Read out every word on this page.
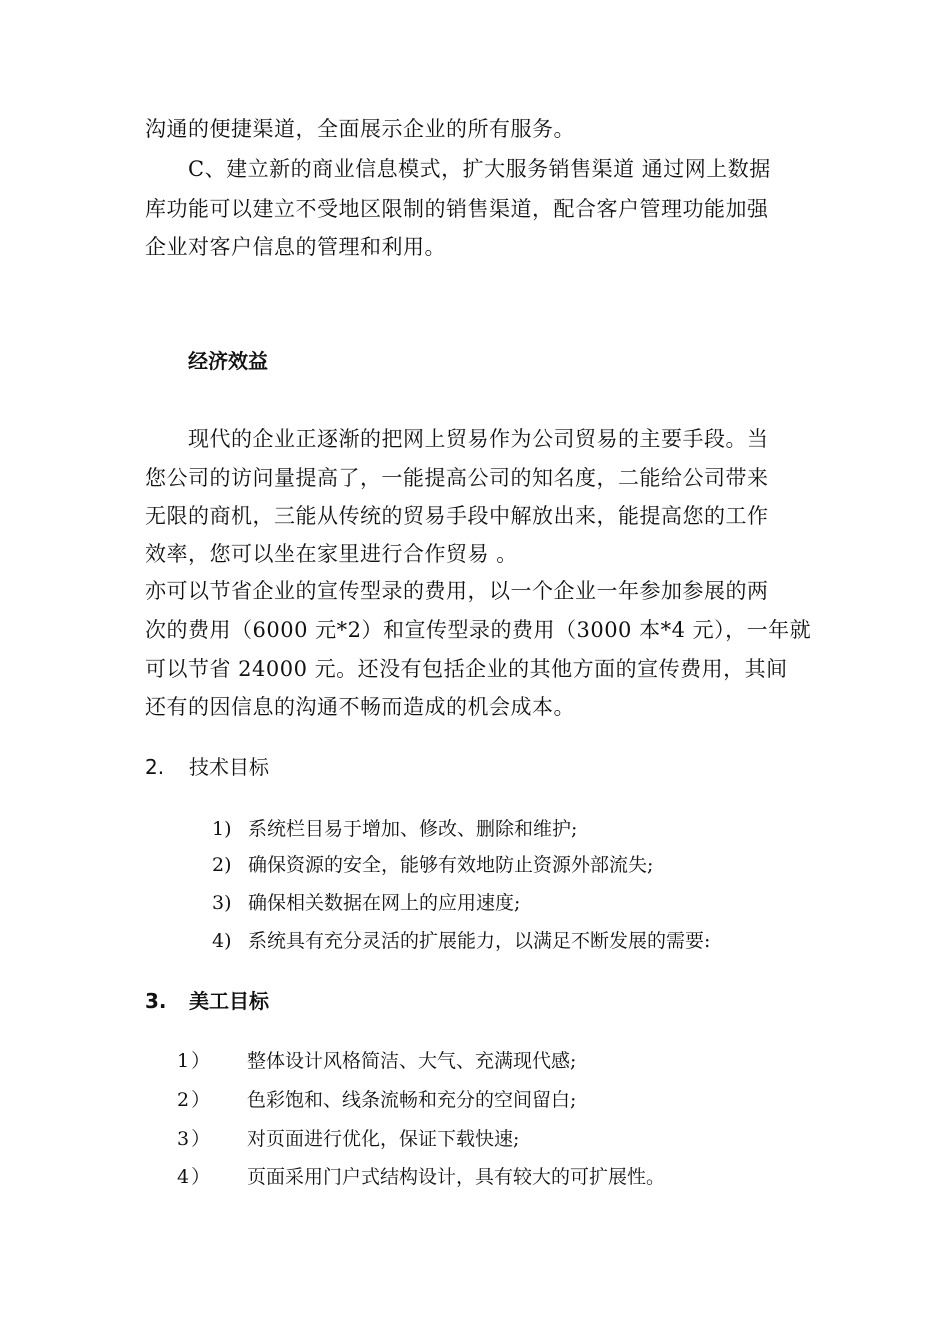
沟通的便捷渠道，全面展示企业的所有服务。
C、建立新的商业信息模式，扩大服务销售渠道 通过网上数据
库功能可以建立不受地区限制的销售渠道，配合客户管理功能加强
企业对客户信息的管理和利用。
经济效益
现代的企业正逐渐的把网上贸易作为公司贸易的主要手段。当
您公司的访问量提高了，一能提高公司的知名度，二能给公司带来
无限的商机，三能从传统的贸易手段中解放出来，能提高您的工作
效率，您可以坐在家里进行合作贸易 。
亦可以节省企业的宣传型录的费用，以一个企业一年参加参展的两
次的费用（6000 元*2）和宣传型录的费用（3000 本*4 元），一年就
可以节省 24000 元。还没有包括企业的其他方面的宣传费用，其间
还有的因信息的沟通不畅而造成的机会成本。
2. 技术目标
1) 系统栏目易于增加、修改、删除和维护;
2) 确保资源的安全，能够有效地防止资源外部流失;
3) 确保相关数据在网上的应用速度;
4) 系统具有充分灵活的扩展能力，以满足不断发展的需要:
3. 美工目标
1） 整体设计风格简洁、大气、充满现代感;
2） 色彩饱和、线条流畅和充分的空间留白;
3） 对页面进行优化，保证下载快速;
4） 页面采用门户式结构设计，具有较大的可扩展性。
